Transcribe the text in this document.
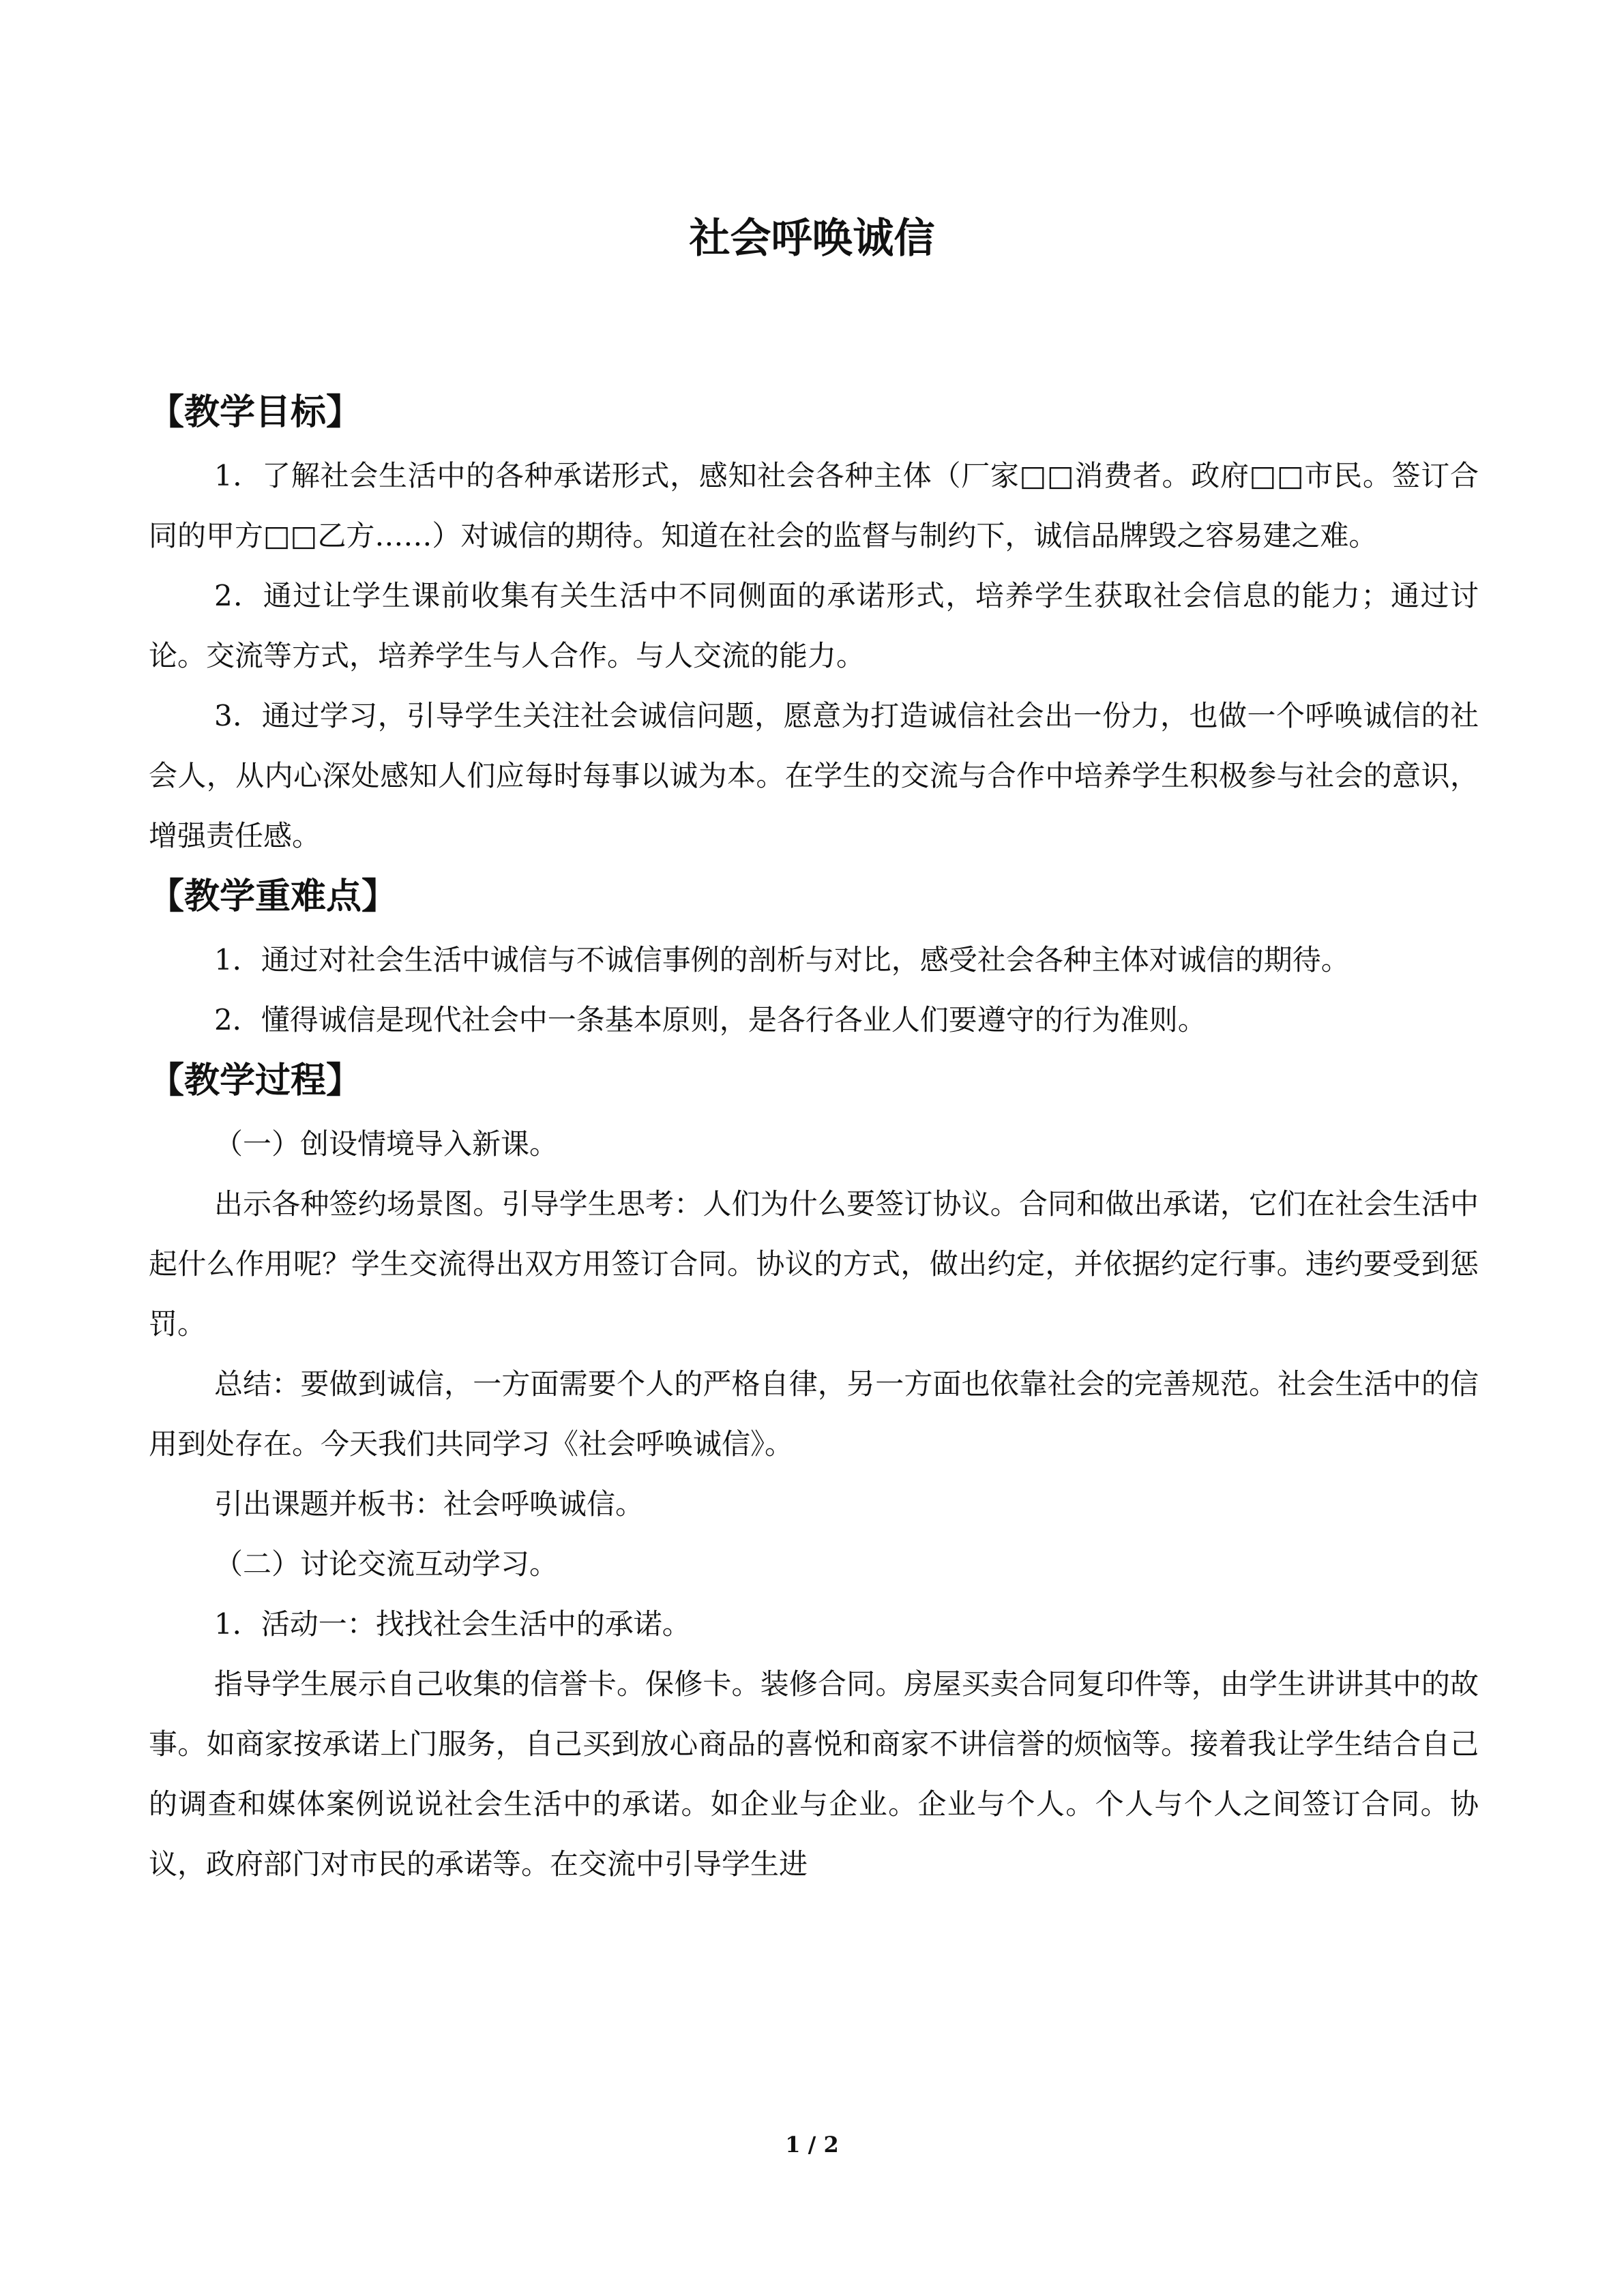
社会呼唤诚信
【教学目标】

1．了解社会生活中的各种承诺形式，感知社会各种主体（厂家□□消费者。政府□□市民。签订合同的甲方□□乙方……）对诚信的期待。知道在社会的监督与制约下，诚信品牌毁之容易建之难。

2．通过让学生课前收集有关生活中不同侧面的承诺形式，培养学生获取社会信息的能力；通过讨论。交流等方式，培养学生与人合作。与人交流的能力。

3．通过学习，引导学生关注社会诚信问题，愿意为打造诚信社会出一份力，也做一个呼唤诚信的社会人，从内心深处感知人们应每时每事以诚为本。在学生的交流与合作中培养学生积极参与社会的意识，增强责任感。

【教学重难点】

1．通过对社会生活中诚信与不诚信事例的剖析与对比，感受社会各种主体对诚信的期待。

2．懂得诚信是现代社会中一条基本原则，是各行各业人们要遵守的行为准则。

【教学过程】

（一）创设情境导入新课。

出示各种签约场景图。引导学生思考：人们为什么要签订协议。合同和做出承诺，它们在社会生活中起什么作用呢？学生交流得出双方用签订合同。协议的方式，做出约定，并依据约定行事。违约要受到惩罚。

总结：要做到诚信，一方面需要个人的严格自律，另一方面也依靠社会的完善规范。社会生活中的信用到处存在。今天我们共同学习《社会呼唤诚信》。

引出课题并板书：社会呼唤诚信。

（二）讨论交流互动学习。

1．活动一：找找社会生活中的承诺。

指导学生展示自己收集的信誉卡。保修卡。装修合同。房屋买卖合同复印件等，由学生讲讲其中的故事。如商家按承诺上门服务，自己买到放心商品的喜悦和商家不讲信誉的烦恼等。接着我让学生结合自己的调查和媒体案例说说社会生活中的承诺。如企业与企业。企业与个人。个人与个人之间签订合同。协议，政府部门对市民的承诺等。在交流中引导学生进

1 / 2
